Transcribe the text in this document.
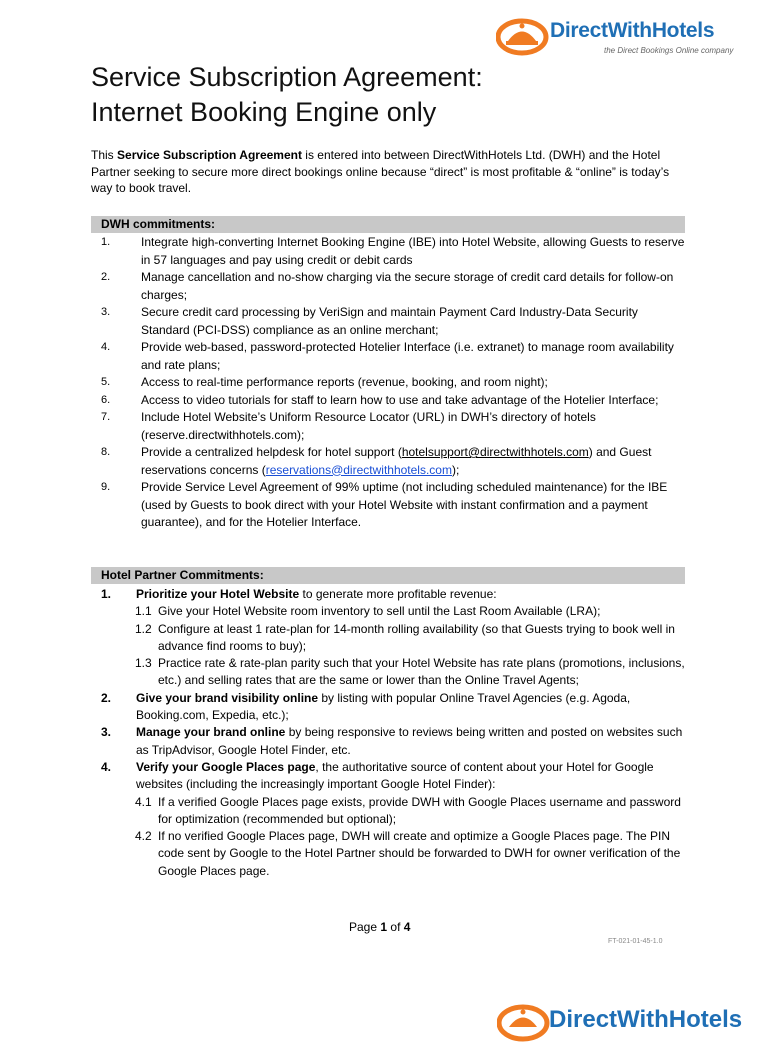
DirectWithHotels
the Direct Bookings Online company
Service Subscription Agreement:
Internet Booking Engine only
This Service Subscription Agreement is entered into between DirectWithHotels Ltd. (DWH) and the Hotel Partner seeking to secure more direct bookings online because “direct” is most profitable & “online” is today’s way to book travel.
DWH commitments:
1.	Integrate high-converting Internet Booking Engine (IBE) into Hotel Website, allowing Guests to reserve in 57 languages and pay using credit or debit cards
2.	Manage cancellation and no-show charging via the secure storage of credit card details for follow-on charges;
3.	Secure credit card processing by VeriSign and maintain Payment Card Industry-Data Security Standard (PCI-DSS) compliance as an online merchant;
4.	Provide web-based, password-protected Hotelier Interface (i.e. extranet) to manage room availability and rate plans;
5.	Access to real-time performance reports (revenue, booking, and room night);
6.	Access to video tutorials for staff to learn how to use and take advantage of the Hotelier Interface;
7.	Include Hotel Website’s Uniform Resource Locator (URL) in DWH’s directory of hotels (reserve.directwithhotels.com);
8.	Provide a centralized helpdesk for hotel support (hotelsupport@directwithhotels.com) and Guest reservations concerns (reservations@directwithhotels.com);
9.	Provide Service Level Agreement of 99% uptime (not including scheduled maintenance) for the IBE (used by Guests to book direct with your Hotel Website with instant confirmation and a payment guarantee), and for the Hotelier Interface.
Hotel Partner Commitments:
1. Prioritize your Hotel Website to generate more profitable revenue:
1.1 Give your Hotel Website room inventory to sell until the Last Room Available (LRA);
1.2 Configure at least 1 rate-plan for 14-month rolling availability (so that Guests trying to book well in advance find rooms to buy);
1.3 Practice rate & rate-plan parity such that your Hotel Website has rate plans (promotions, inclusions, etc.) and selling rates that are the same or lower than the Online Travel Agents;
2. Give your brand visibility online by listing with popular Online Travel Agencies (e.g. Agoda, Booking.com, Expedia, etc.);
3. Manage your brand online by being responsive to reviews being written and posted on websites such as TripAdvisor, Google Hotel Finder, etc.
4. Verify your Google Places page, the authoritative source of content about your Hotel for Google websites (including the increasingly important Google Hotel Finder):
4.1 If a verified Google Places page exists, provide DWH with Google Places username and password for optimization (recommended but optional);
4.2 If no verified Google Places page, DWH will create and optimize a Google Places page. The PIN code sent by Google to the Hotel Partner should be forwarded to DWH for owner verification of the Google Places page.
Page 1 of 4
FT-021-01-45-1.0
DirectWithHotels
